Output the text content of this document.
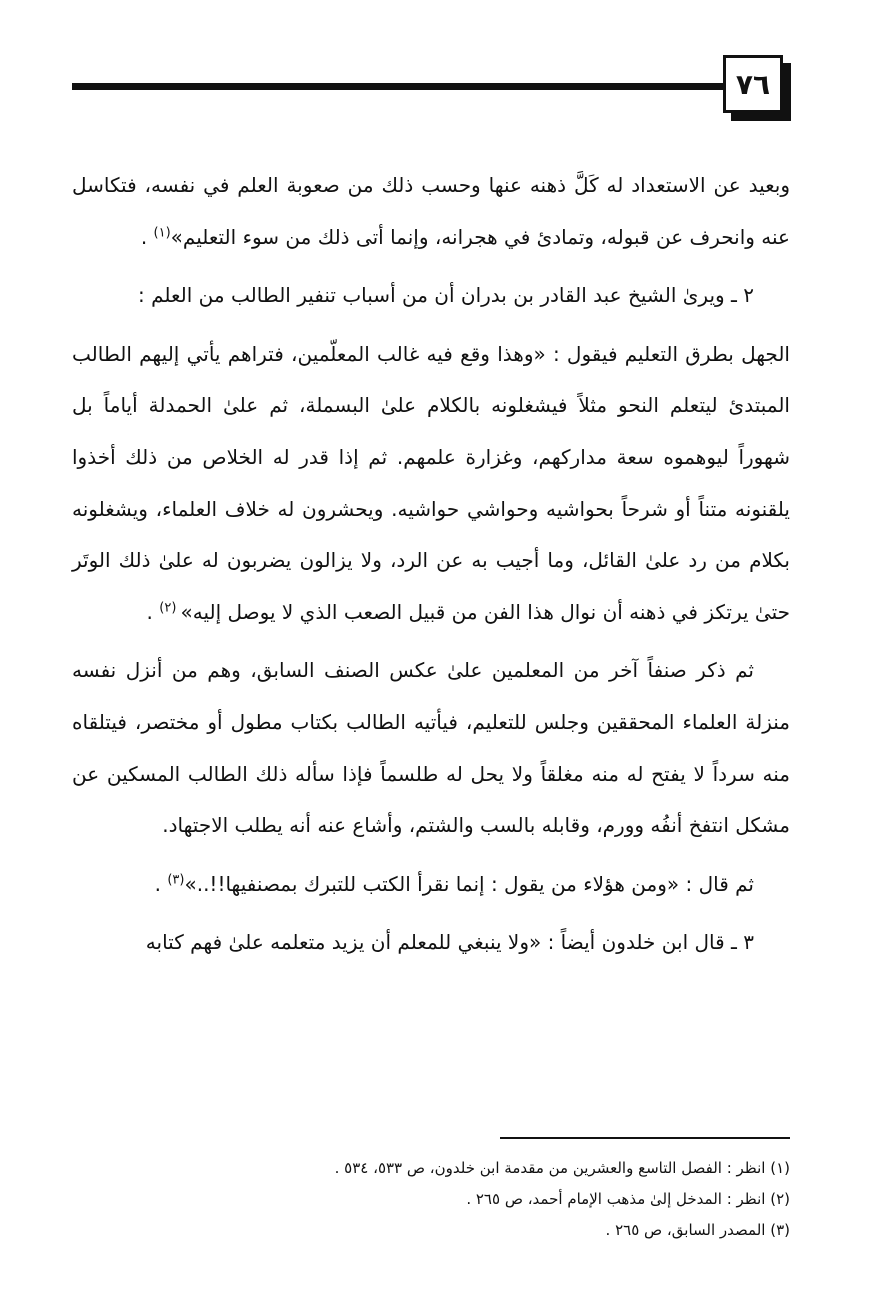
٧٦

وبعيد عن الاستعداد له كَلَّ ذهنه عنها وحسب ذلك من صعوبة العلم في نفسه، فتكاسل عنه وانحرف عن قبوله، وتمادئ في هجرانه، وإنما أتى ذلك من سوء التعليم»$^{(١)}$ .

٢ ـ ويرىٰ الشيخ عبد القادر بن بدران أن من أسباب تنفير الطالب من العلم :

الجهل بطرق التعليم فيقول : «وهذا وقع فيه غالب المعلّمين، فتراهم يأتي إليهم الطالب المبتدئ ليتعلم النحو مثلاً فيشغلونه بالكلام علىٰ البسملة، ثم علىٰ الحمدلة أياماً بل شهوراً ليوهموه سعة مداركهم، وغزارة علمهم. ثم إذا قدر له الخلاص من ذلك أخذوا يلقنونه متناً أو شرحاً بحواشيه وحواشي حواشيه. ويحشرون له خلاف العلماء، ويشغلونه بكلام من رد علىٰ القائل، وما أجيب به عن الرد، ولا يزالون يضربون له علىٰ ذلك الوتَر حتىٰ يرتكز في ذهنه أن نوال هذا الفن من قبيل الصعب الذي لا يوصل إليه» $^{(٢)}$ .

ثم ذكر صنفاً آخر من المعلمين علىٰ عكس الصنف السابق، وهم من أنزل نفسه منزلة العلماء المحققين وجلس للتعليم، فيأتيه الطالب بكتاب مطول أو مختصر، فيتلقاه منه سرداً لا يفتح له منه مغلقاً ولا يحل له طلسماً فإذا سأله ذلك الطالب المسكين عن مشكل انتفخ أنفُه وورم، وقابله بالسب والشتم، وأشاع عنه أنه يطلب الاجتهاد.

ثم قال : «ومن هؤلاء من يقول : إنما نقرأ الكتب للتبرك بمصنفيها!!..»$^{(٣)}$ .

٣ ـ قال ابن خلدون أيضاً : «ولا ينبغي للمعلم أن يزيد متعلمه علىٰ فهم كتابه

(١) انظر : الفصل التاسع والعشرين من مقدمة ابن خلدون، ص ٥٣٣، ٥٣٤ .

(٢) انظر : المدخل إلىٰ مذهب الإمام أحمد، ص ٢٦٥ .

(٣) المصدر السابق، ص ٢٦٥ .
